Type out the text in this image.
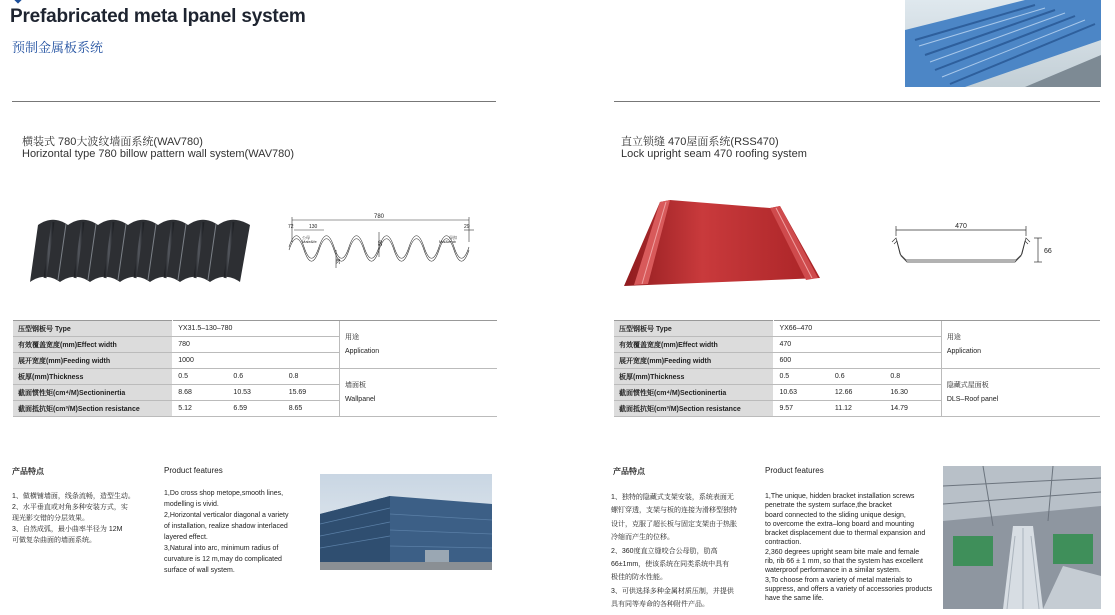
Prefabricated meta lpanel system
预制金属板系统
横装式 780大波纹墙面系统(WAV780)
Horizontal type 780 billow pattern wall system(WAV780)
780
72	130	29
公母
Male&fe
母扣
Mal&emb
38
30
压型钢板号 Type	YX31.5–130–780			用途
Application

有效覆盖宽度(mm)Effect width	780			
展开宽度(mm)Feeding width	1000			
板厚(mm)Thickness	0.5	0.6	0.8	墙面板
Wallpanel

截面惯性矩(cm⁴/M)Sectioninertia	8.68	10.53	15.69	
截面抵抗矩(cm³/M)Section resistance	5.12	6.59	8.65	
产品特点
1、做横铺墙面，线条流畅，造型生动。
2、水平垂直或对角多种安装方式，实
现光影交错的分层效果。
3、自然成弧，最小曲率半径为 12M
可做复杂曲面的墙面系统。
Product features
1,Do cross shop metope,smooth lines,
modelling is vivid.
2,Horizontal verticalor diagonal a variety
of installation, realize shadow interlaced
layered effect.
3,Natural into arc, minimum radius of
curvature is 12 m,may do complicated
surface of wall system.
直立锁缝 470屋面系统(RSS470)
Lock upright seam 470 roofing system
470
66
压型钢板号 Type	YX66–470			用途
Application

有效覆盖宽度(mm)Effect width	470			
展开宽度(mm)Feeding width	600			
板厚(mm)Thickness	0.5	0.6	0.8	隐藏式屋面板
DLS–Roof panel

截面惯性矩(cm⁴/M)Sectioninertia	10.63	12.66	16.30	
截面抵抗矩(cm³/M)Section resistance	9.57	11.12	14.79	
产品特点
1、独特的隐藏式支架安装，系统表面无
螺钉穿透，支架与板的连接为滑移型独特
设计，克服了超长板与固定支架由于热胀
冷缩而产生的位移。
2、360度直立缝咬合公母肋，肋高
66±1mm，使该系统在同类系统中具有
极佳的防水性能。
3、可供选择多种金属材质压制，并提供
具有同等寿命的各种附件产品。
Product features
1,The unique, hidden bracket installation screws
penetrate the system surface,the bracket
board connected to the sliding unique design,
to overcome the extra–long board and mounting
bracket displacement due to thermal expansion and
contraction.
2,360 degrees upright seam bite male and female
rib, rib 66 ± 1 mm, so that the system has excellent
waterproof performance in a similar system.
3,To choose from a variety of metal materials to
suppress, and offers a variety of accessories products
have the same life.
